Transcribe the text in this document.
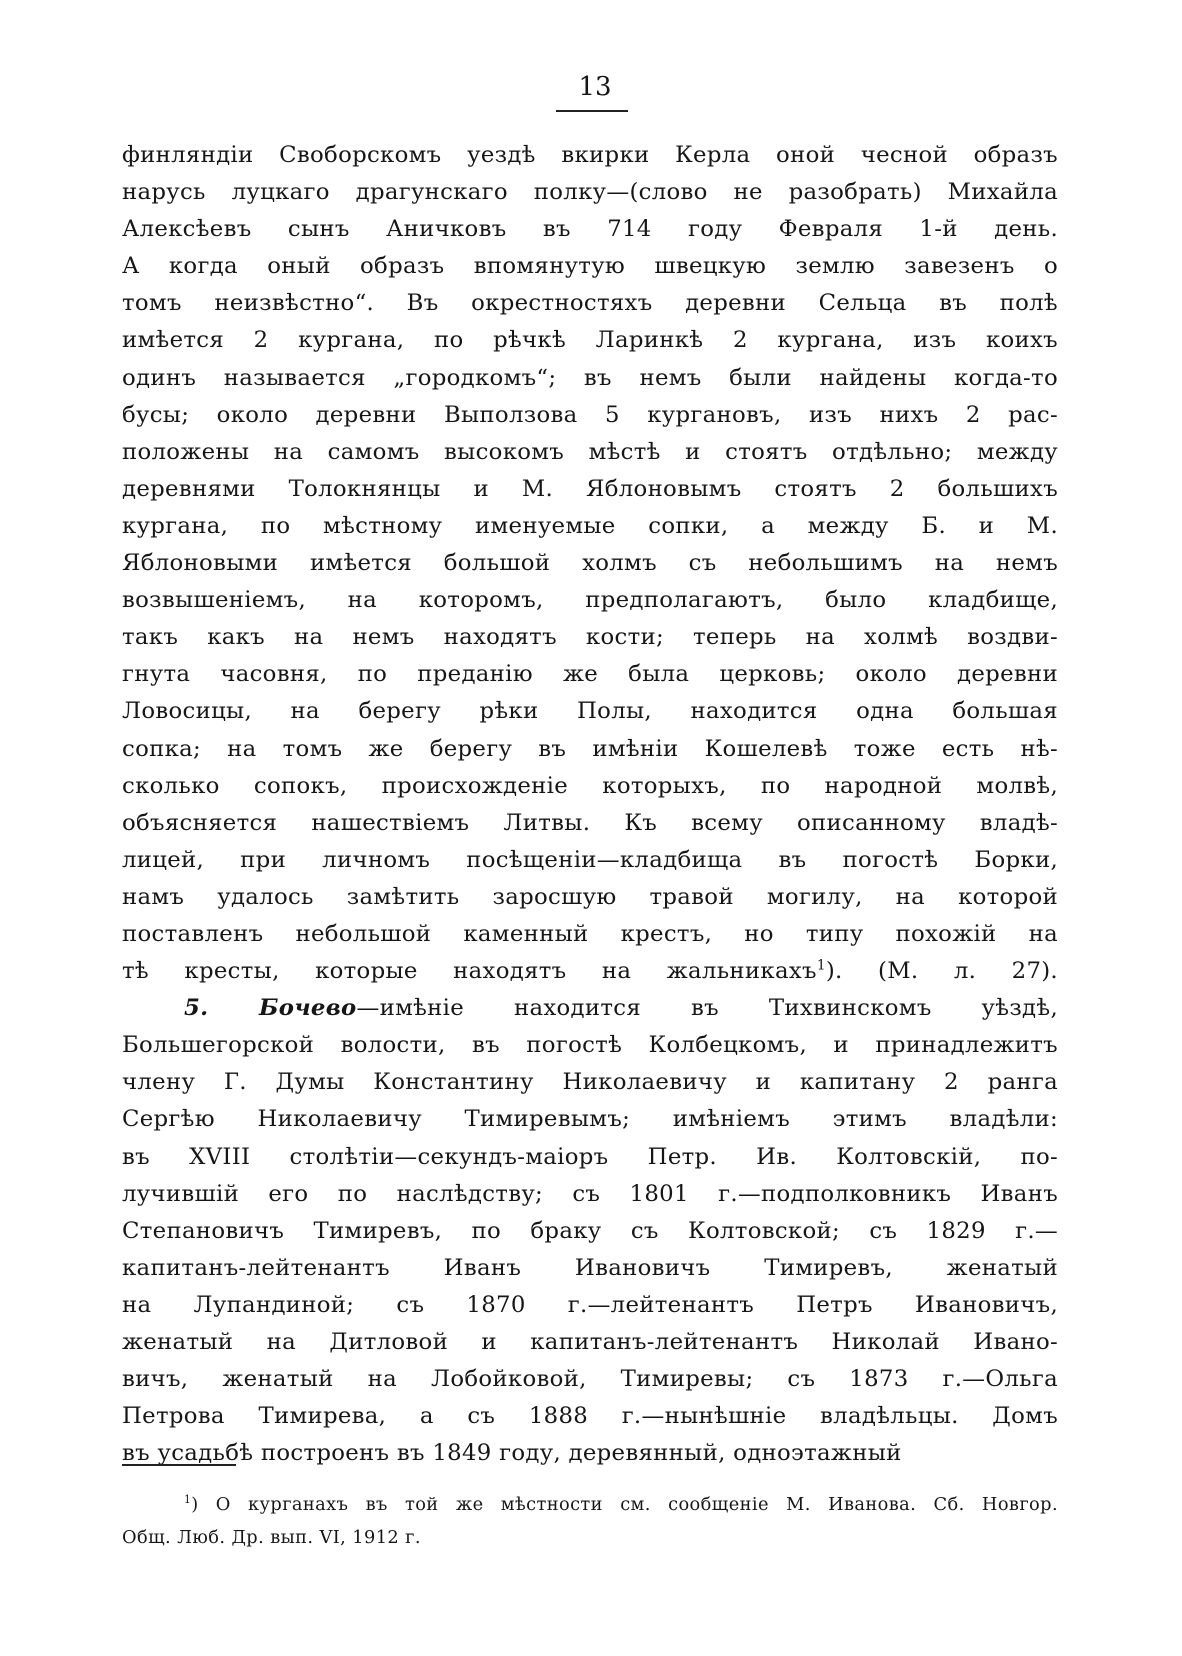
13
финляндіи Своборскомъ уездѣ вкирки Керла оной чесной образъ
нарусь луцкаго драгунскаго полку—(слово не разобрать) Михайла
Алексѣевъ сынъ Аничковъ въ 714 году Февраля 1-й день.
А когда оный образъ впомянутую швецкую землю завезенъ о
томъ неизвѣстно“. Въ окрестностяхъ деревни Сельца въ полѣ
имѣется 2 кургана, по рѣчкѣ Ларинкѣ 2 кургана, изъ коихъ
одинъ называется „городкомъ“; въ немъ были найдены когда-то
бусы; около деревни Выползова 5 кургановъ, изъ нихъ 2 рас-
положены на самомъ высокомъ мѣстѣ и стоятъ отдѣльно; между
деревнями Толокнянцы и М. Яблоновымъ стоятъ 2 большихъ
кургана, по мѣстному именуемые сопки, а между Б. и М.
Яблоновыми имѣется большой холмъ съ небольшимъ на немъ
возвышеніемъ, на которомъ, предполагаютъ, было кладбище,
такъ какъ на немъ находятъ кости; теперь на холмѣ воздви-
гнута часовня, по преданію же была церковь; около деревни
Ловосицы, на берегу рѣки Полы, находится одна большая
сопка; на томъ же берегу въ имѣніи Кошелевѣ тоже есть нѣ-
сколько сопокъ, происхожденіе которыхъ, по народной молвѣ,
объясняется нашествіемъ Литвы. Къ всему описанному владѣ-
лицей, при личномъ посѣщеніи—кладбища въ погостѣ Борки,
намъ удалось замѣтить заросшую травой могилу, на которой
поставленъ небольшой каменный крестъ, но типу похожій на
тѣ кресты, которые находятъ на жальникахъ$^1$). (М. л. 27).
5. Бочево—имѣніе находится въ Тихвинскомъ уѣздѣ,
Большегорской волости, въ погостѣ Колбецкомъ, и принадлежитъ
члену Г. Думы Константину Николаевичу и капитану 2 ранга
Сергѣю Николаевичу Тимиревымъ; имѣніемъ этимъ владѣли:
въ XVIII столѣтіи—секундъ-маіоръ Петр. Ив. Колтовскій, по-
лучившій его по наслѣдству; съ 1801 г.—подполковникъ Иванъ
Степановичъ Тимиревъ, по браку съ Колтовской; съ 1829 г.—
капитанъ-лейтенантъ Иванъ Ивановичъ Тимиревъ, женатый
на Лупандиной; съ 1870 г.—лейтенантъ Петръ Ивановичъ,
женатый на Дитловой и капитанъ-лейтенантъ Николай Ивано-
вичъ, женатый на Лобойковой, Тимиревы; съ 1873 г.—Ольга
Петрова Тимирева, а съ 1888 г.—нынѣшніе владѣльцы. Домъ
въ усадьбѣ построенъ въ 1849 году, деревянный, одноэтажный
$^1$) О курганахъ въ той же мѣстности см. сообщеніе М. Иванова. Сб. Новгор.
Общ. Люб. Др. вып. VI, 1912 г.
